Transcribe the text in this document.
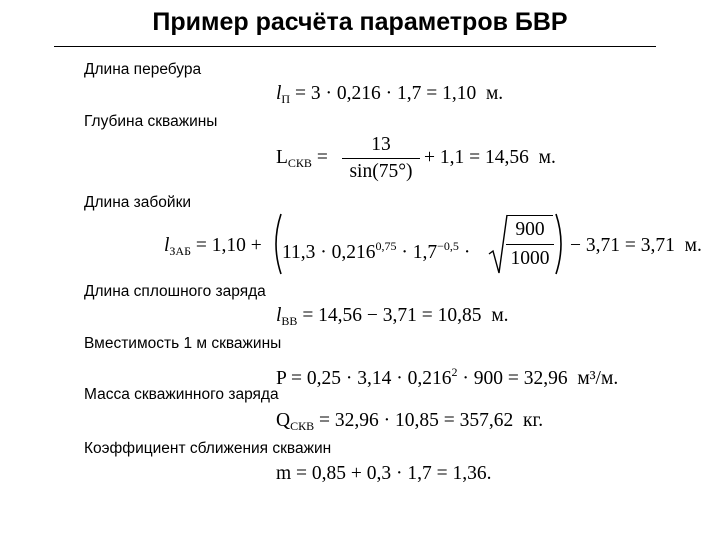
Пример расчёта параметров БВР
Длина перебура
$l_П = 3 \cdot 0,216 \cdot 1,7 = 1,10$ м.
Глубина скважины
$L_{СКВ}$ =
13
sin(75°)
+ 1,1 = 14,56 м.
Длина забойки
$l_{ЗАБ} = 1,10 + 11,3 \cdot 0,216^{0,75} \cdot 1,7^{-0,5}$ ·
900
1000
− 3,71 = 3,71 м.
Длина сплошного заряда
$l_{ВВ} = 14,56 - 3,71 = 10,85$ м.
Вместимость 1 м скважины
$P = 0,25 \cdot 3,14 \cdot 0,216^2 \cdot 900 = 32,96$ м³/м.
Масса скважинного заряда
$Q_{СКВ} = 32,96 \cdot 10,85 = 357,62$ кг.
Коэффициент сближения скважин
m = 0,85 + 0,3 · 1,7 = 1,36.
